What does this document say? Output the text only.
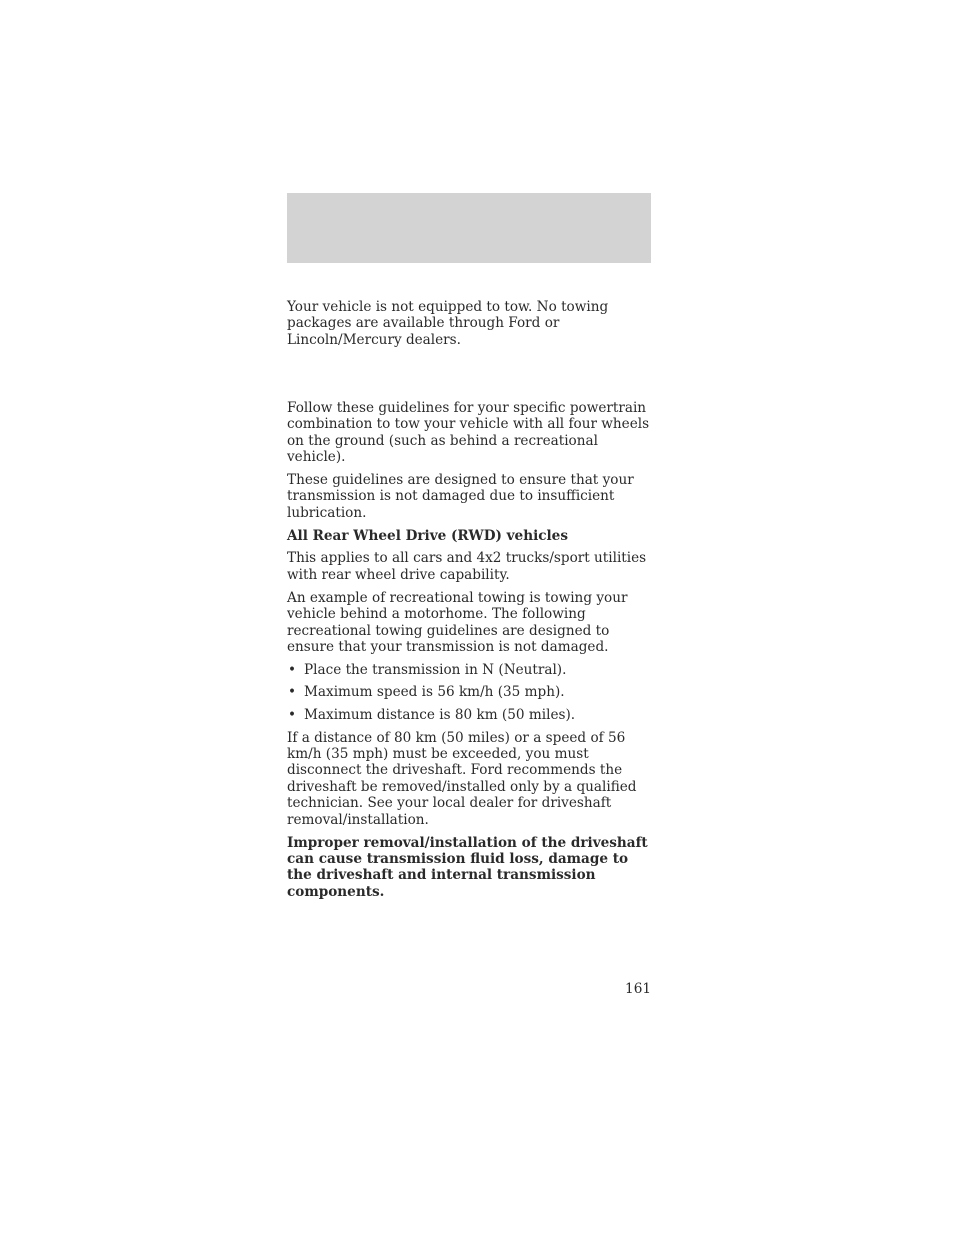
Your vehicle is not equipped to tow. No towing packages are available through Ford or Lincoln/Mercury dealers.

Follow these guidelines for your specific powertrain combination to tow your vehicle with all four wheels on the ground (such as behind a recreational vehicle).

These guidelines are designed to ensure that your transmission is not damaged due to insufficient lubrication.

All Rear Wheel Drive (RWD) vehicles

This applies to all cars and 4x2 trucks/sport utilities with rear wheel drive capability.

An example of recreational towing is towing your vehicle behind a motorhome. The following recreational towing guidelines are designed to ensure that your transmission is not damaged.

• Place the transmission in N (Neutral).
• Maximum speed is 56 km/h (35 mph).
• Maximum distance is 80 km (50 miles).

If a distance of 80 km (50 miles) or a speed of 56 km/h (35 mph) must be exceeded, you must disconnect the driveshaft. Ford recommends the driveshaft be removed/installed only by a qualified technician. See your local dealer for driveshaft removal/installation.

Improper removal/installation of the driveshaft can cause transmission fluid loss, damage to the driveshaft and internal transmission components.

161
